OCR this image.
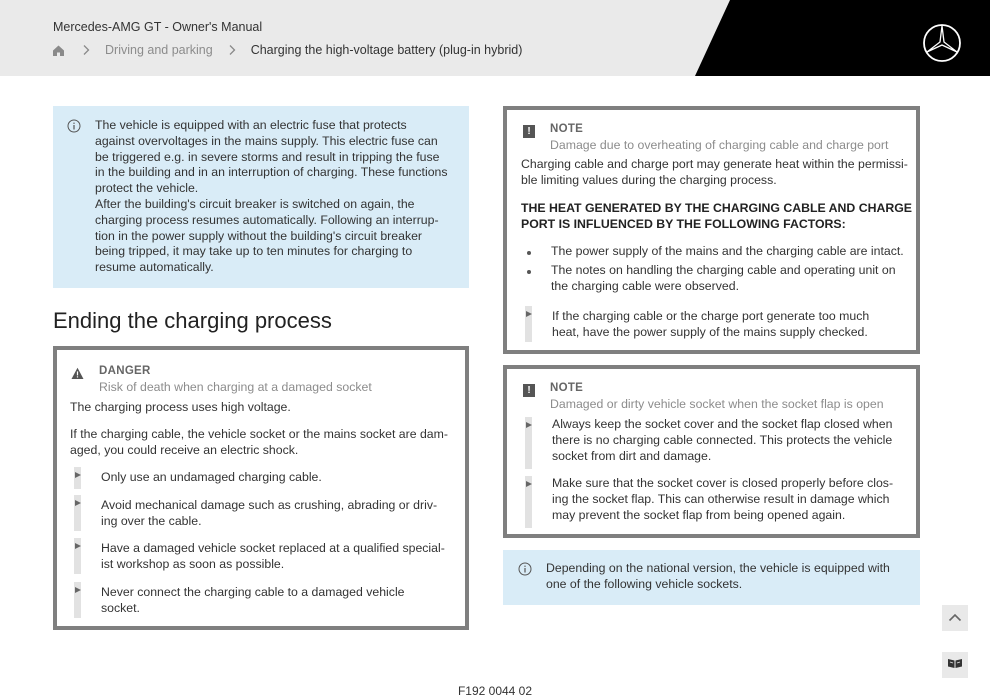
Mercedes-AMG GT - Owner's Manual
Driving and parking	Charging the high-voltage battery (plug-in hybrid)
The vehicle is equipped with an electric fuse that protects
against overvoltages in the mains supply. This electric fuse can
be triggered e.g. in severe storms and result in tripping the fuse
in the building and in an interruption of charging. These functions
protect the vehicle.
After the building's circuit breaker is switched on again, the
charging process resumes automatically. Following an interrup-
tion in the power supply without the building's circuit breaker
being tripped, it may take up to ten minutes for charging to
resume automatically.
Ending the charging process
DANGER
Risk of death when charging at a damaged socket
The charging process uses high voltage.
If the charging cable, the vehicle socket or the mains socket are dam-
aged, you could receive an electric shock.
Only use an undamaged charging cable.
Avoid mechanical damage such as crushing, abrading or driv-
ing over the cable.
Have a damaged vehicle socket replaced at a qualified special-
ist workshop as soon as possible.
Never connect the charging cable to a damaged vehicle
socket.
!	NOTE
Damage due to overheating of charging cable and charge port
Charging cable and charge port may generate heat within the permissi-
ble limiting values during the charging process.
THE HEAT GENERATED BY THE CHARGING CABLE AND CHARGE
PORT IS INFLUENCED BY THE FOLLOWING FACTORS:
The power supply of the mains and the charging cable are intact.
The notes on handling the charging cable and operating unit on
the charging cable were observed.
If the charging cable or the charge port generate too much
heat, have the power supply of the mains supply checked.
!	NOTE
Damaged or dirty vehicle socket when the socket flap is open
Always keep the socket cover and the socket flap closed when
there is no charging cable connected. This protects the vehicle
socket from dirt and damage.
Make sure that the socket cover is closed properly before clos-
ing the socket flap. This can otherwise result in damage which
may prevent the socket flap from being opened again.
Depending on the national version, the vehicle is equipped with
one of the following vehicle sockets.
F192 0044 02
